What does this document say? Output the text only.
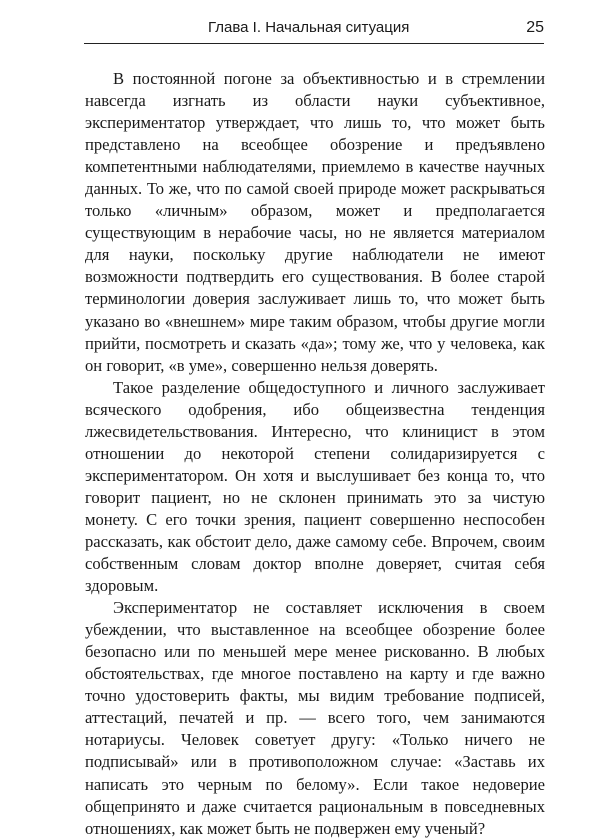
Глава I. Начальная ситуация	25

В постоянной погоне за объективностью и в стремлении навсегда изгнать из области науки субъективное, экспериментатор утверждает, что лишь то, что может быть представлено на всеобщее обозрение и предъявлено компетентными наблюдателями, приемлемо в качестве научных данных. То же, что по самой своей природе может раскрываться только «личным» образом, может и предполагается существующим в нерабочие часы, но не является материалом для науки, поскольку другие наблюдатели не имеют возможности подтвердить его существования. В более старой терминологии доверия заслуживает лишь то, что может быть указано во «внешнем» мире таким образом, чтобы другие могли прийти, посмотреть и сказать «да»; тому же, что у человека, как он говорит, «в уме», совершенно нельзя доверять.

Такое разделение общедоступного и личного заслуживает всяческого одобрения, ибо общеизвестна тенденция лжесвидетельствования. Интересно, что клиницист в этом отношении до некоторой степени солидаризируется с экспериментатором. Он хотя и выслушивает без конца то, что говорит пациент, но не склонен принимать это за чистую монету. С его точки зрения, пациент совершенно неспособен рассказать, как обстоит дело, даже самому себе. Впрочем, своим собственным словам доктор вполне доверяет, считая себя здоровым.

Экспериментатор не составляет исключения в своем убеждении, что выставленное на всеобщее обозрение более безопасно или по меньшей мере менее рискованно. В любых обстоятельствах, где многое поставлено на карту и где важно точно удостоверить факты, мы видим требование подписей, аттестаций, печатей и пр. — всего того, чем занимаются нотариусы. Человек советует другу: «Только ничего не подписывай» или в противоположном случае: «Заставь их написать это черным по белому». Если такое недоверие общепринято и даже считается рациональным в повседневных отношениях, как может быть не подвержен ему ученый?
